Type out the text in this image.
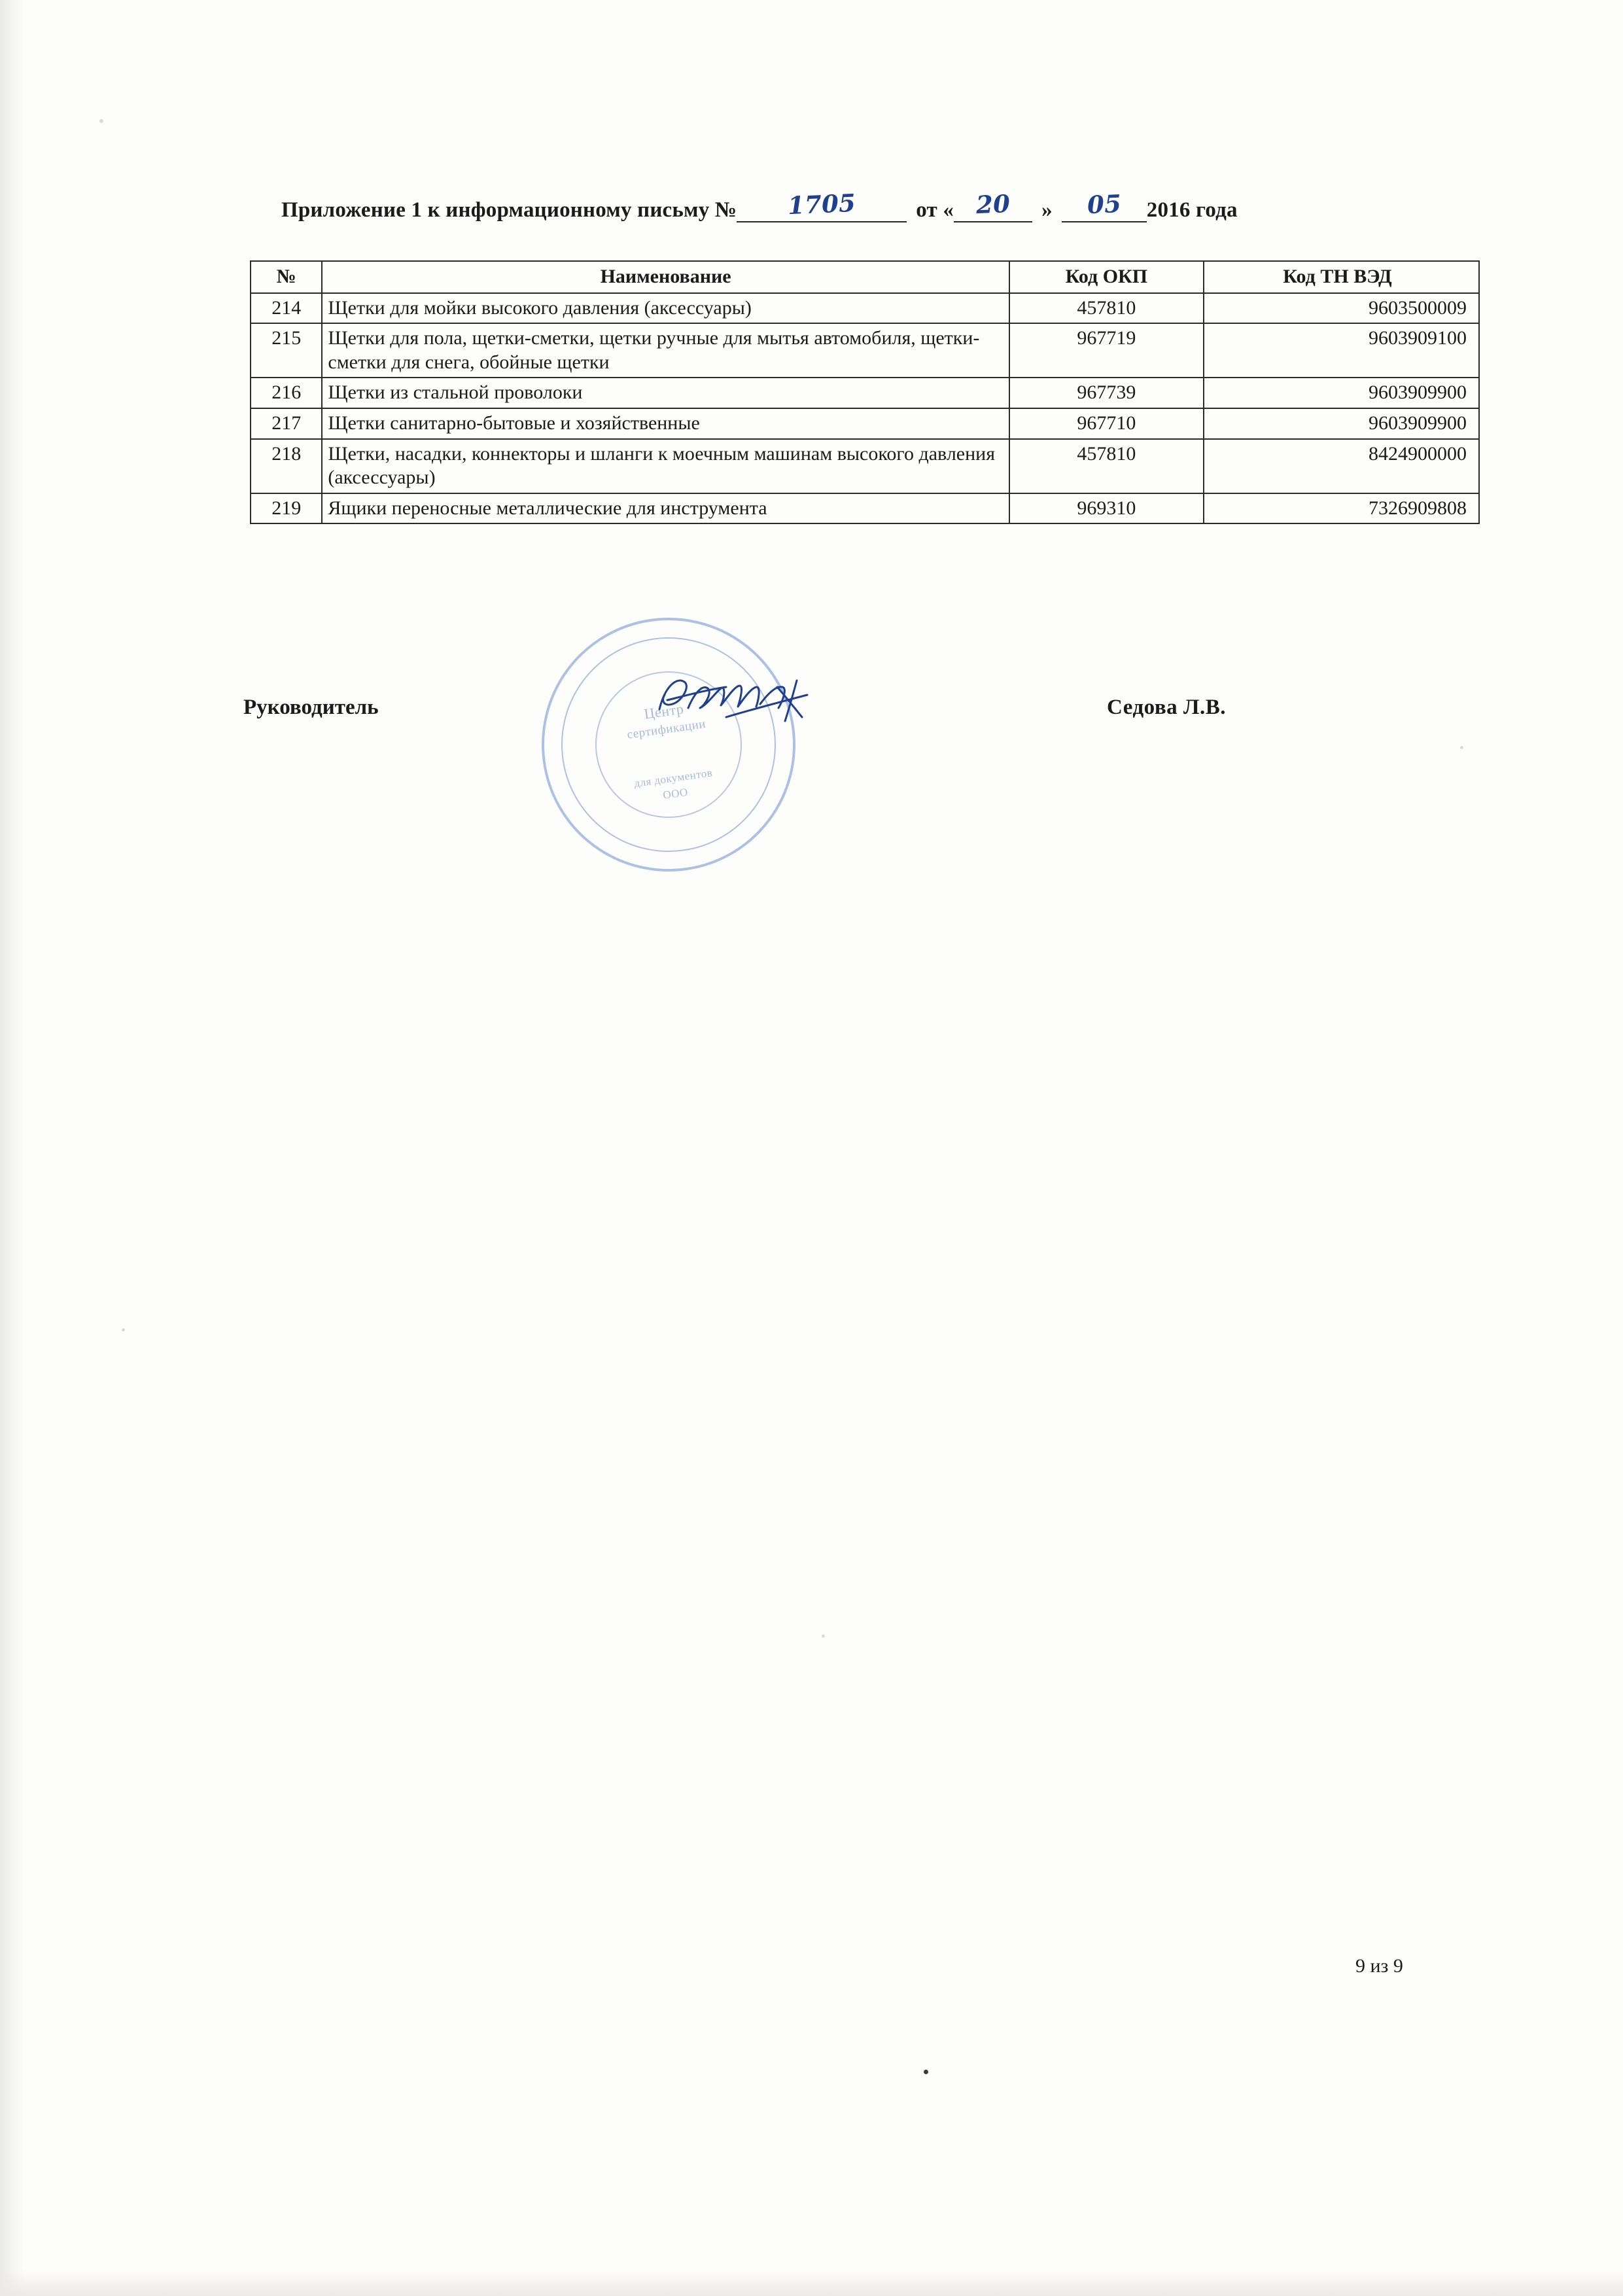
Приложение 1 к информационному письму № 1705	от « 20 » 05 2016 года
№	Наименование	Код ОКП	Код ТН ВЭД
214	Щетки для мойки высокого давления (аксессуары)	457810	9603500009
215	Щетки для пола, щетки-сметки, щетки ручные для мытья автомобиля, щетки-сметки для снега, обойные щетки	967719	9603909100
216	Щетки из стальной проволоки	967739	9603909900
217	Щетки санитарно-бытовые и хозяйственные	967710	9603909900
218	Щетки, насадки, коннекторы и шланги к моечным машинам высокого давления (аксессуары)	457810	8424900000
219	Ящики переносные металлические для инструмента	969310	7326909808
Руководитель	Седова Л.В.
Центр
сертификации
для документов
ООО
9 из 9
